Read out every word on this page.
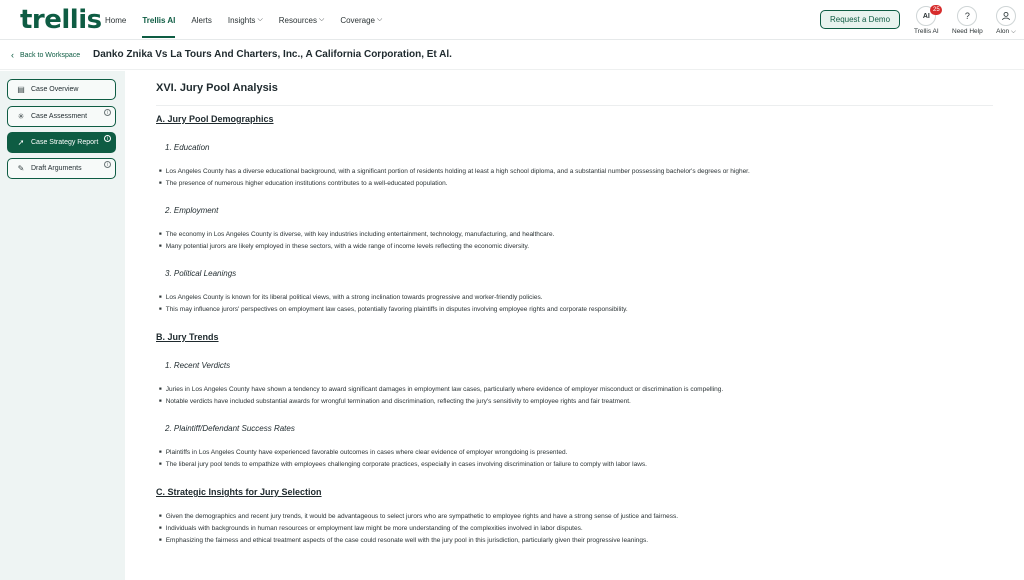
trellis Home Trellis AI Alerts Insights ⌵ Resources ⌵ Coverage ⌵	Request a Demo	AI
25
Trellis AI
?
Need Help Alon ⌵
‹ Back to Workspace Danko Znika Vs La Tours And Charters, Inc., A California Corporation, Et Al.
▤ Case Overview
✳ Case Assessment
i
➚ Case Strategy Report
i
✎ Draft Arguments
i
XVI. Jury Pool Analysis
A. Jury Pool Demographics
1. Education
■ Los Angeles County has a diverse educational background, with a significant portion of residents holding at least a high school diploma, and a substantial number possessing bachelor's degrees or higher.
■ The presence of numerous higher education institutions contributes to a well-educated population.
2. Employment
■ The economy in Los Angeles County is diverse, with key industries including entertainment, technology, manufacturing, and healthcare.
■ Many potential jurors are likely employed in these sectors, with a wide range of income levels reflecting the economic diversity.
3. Political Leanings
■ Los Angeles County is known for its liberal political views, with a strong inclination towards progressive and worker-friendly policies.
■ This may influence jurors' perspectives on employment law cases, potentially favoring plaintiffs in disputes involving employee rights and corporate responsibility.
B. Jury Trends
1. Recent Verdicts
■ Juries in Los Angeles County have shown a tendency to award significant damages in employment law cases, particularly where evidence of employer misconduct or discrimination is compelling.
■ Notable verdicts have included substantial awards for wrongful termination and discrimination, reflecting the jury's sensitivity to employee rights and fair treatment.
2. Plaintiff/Defendant Success Rates
■ Plaintiffs in Los Angeles County have experienced favorable outcomes in cases where clear evidence of employer wrongdoing is presented.
■ The liberal jury pool tends to empathize with employees challenging corporate practices, especially in cases involving discrimination or failure to comply with labor laws.
C. Strategic Insights for Jury Selection
■ Given the demographics and recent jury trends, it would be advantageous to select jurors who are sympathetic to employee rights and have a strong sense of justice and fairness.
■ Individuals with backgrounds in human resources or employment law might be more understanding of the complexities involved in labor disputes.
■ Emphasizing the fairness and ethical treatment aspects of the case could resonate well with the jury pool in this jurisdiction, particularly given their progressive leanings.
